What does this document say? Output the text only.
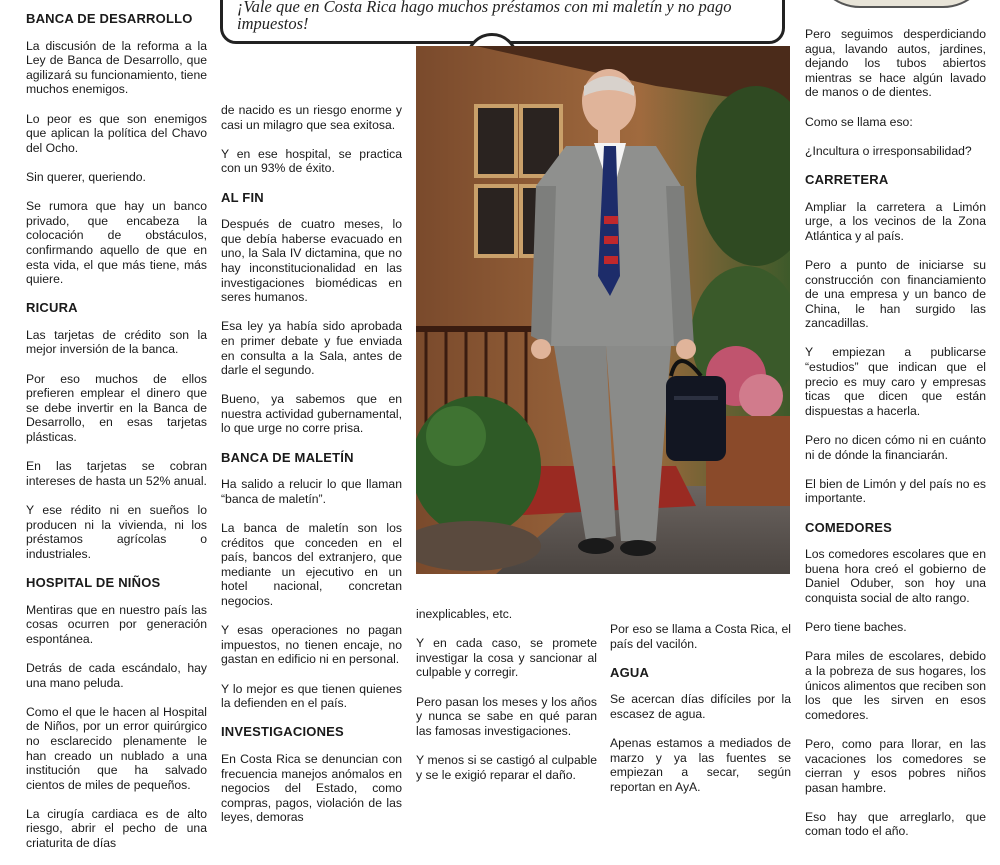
BANCA DE DESARROLLO

La discusión de la reforma a la Ley de Banca de Desarrollo, que agilizará su funcionamiento, tiene muchos enemigos.

Lo peor es que son enemigos que aplican la política del Chavo del Ocho.

Sin querer, queriendo.

Se rumora que hay un banco privado, que encabeza la colocación de obstáculos, confirmando aquello de que en esta vida, el que más tiene, más quiere.

RICURA

Las tarjetas de crédito son la mejor inversión de la banca.

Por eso muchos de ellos prefieren emplear el dinero que se debe invertir en la Banca de Desarrollo, en esas tarjetas plásticas.

En las tarjetas se cobran intereses de hasta un 52% anual.

Y ese rédito ni en sueños lo producen ni la vivienda, ni los préstamos agrícolas o industriales.

HOSPITAL DE NIÑOS

Mentiras que en nuestro país las cosas ocurren por generación espontánea.

Detrás de cada escándalo, hay una mano peluda.

Como el que le hacen al Hospital de Niños, por un error quirúrgico no esclarecido plenamente le han creado un nublado a una institución que ha salvado cientos de miles de pequeños.

La cirugía cardiaca es de alto riesgo, abrir el pecho de una criaturita de días

¡Vale que en Costa Rica hago muchos préstamos con mi maletín y no pago impuestos!

de nacido es un riesgo enorme y casi un milagro que sea exitosa.

Y en ese hospital, se practica con un 93% de éxito.

AL FIN

Después de cuatro meses, lo que debía haberse evacuado en uno, la Sala IV dictamina, que no hay inconstitucionalidad en las investigaciones biomédicas en seres humanos.

Esa ley ya había sido aprobada en primer debate y fue enviada en consulta a la Sala, antes de darle el segundo.

Bueno, ya sabemos que en nuestra actividad gubernamental, lo que urge no corre prisa.

BANCA DE MALETÍN

Ha salido a relucir lo que llaman “banca de maletín”.

La banca de maletín son los créditos que conceden en el país, bancos del extranjero, que mediante un ejecutivo en un hotel nacional, concretan negocios.

Y esas operaciones no pagan impuestos, no tienen encaje, no gastan en edificio ni en personal.

Y lo mejor es que tienen quienes la defienden en el país.

INVESTIGACIONES

En Costa Rica se denuncian con frecuencia manejos anómalos en negocios del Estado, como compras, pagos, violación de las leyes, demoras

inexplicables, etc.

Y en cada caso, se promete investigar la cosa y sancionar al culpable y corregir.

Pero pasan los meses y los años y nunca se sabe en qué paran las famosas investigaciones.

Y menos si se castigó al culpable y se le exigió reparar el daño.

Por eso se llama a Costa Rica, el país del vacilón.

AGUA

Se acercan días difíciles por la escasez de agua.

Apenas estamos a mediados de marzo y ya las fuentes se empiezan a secar, según reportan en AyA.

Pero seguimos desperdiciando agua, lavando autos, jardines, dejando los tubos abiertos mientras se hace algún lavado de manos o de dientes.

Como se llama eso:

¿Incultura o irresponsabilidad?

CARRETERA

Ampliar la carretera a Limón urge, a los vecinos de la Zona Atlántica y al país.

Pero a punto de iniciarse su construcción con financiamiento de una empresa y un banco de China, le han surgido las zancadillas.

Y empiezan a publicarse “estudios” que indican que el precio es muy caro y empresas ticas que dicen que están dispuestas a hacerla.

Pero no dicen cómo ni en cuánto ni de dónde la financiarán.

El bien de Limón y del país no es importante.

COMEDORES

Los comedores escolares que en buena hora creó el gobierno de Daniel Oduber, son hoy una conquista social de alto rango.

Pero tiene baches.

Para miles de escolares, debido a la pobreza de sus hogares, los únicos alimentos que reciben son los que les sirven en esos comedores.

Pero, como para llorar, en las vacaciones los comedores se cierran y esos pobres niños pasan hambre.

Eso hay que arreglarlo, que coman todo el año.
